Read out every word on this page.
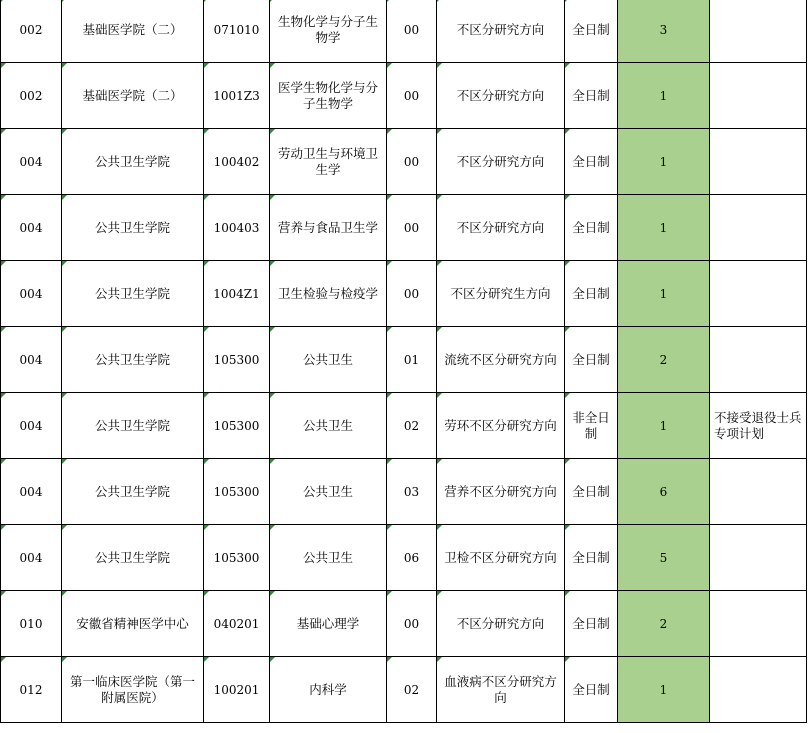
002	基础医学院（二）	071010	生物化学与分子生物学	00	不区分研究方向	全日制	3	
002	基础医学院（二）	1001Z3	医学生物化学与分子生物学	00	不区分研究方向	全日制	1	
004	公共卫生学院	100402	劳动卫生与环境卫生学	00	不区分研究方向	全日制	1	
004	公共卫生学院	100403	营养与食品卫生学	00	不区分研究方向	全日制	1	
004	公共卫生学院	1004Z1	卫生检验与检疫学	00	不区分研究生方向	全日制	1	
004	公共卫生学院	105300	公共卫生	01	流统不区分研究方向	全日制	2	
004	公共卫生学院	105300	公共卫生	02	劳环不区分研究方向	非全日制	1	不接受退役士兵专项计划
004	公共卫生学院	105300	公共卫生	03	营养不区分研究方向	全日制	6	
004	公共卫生学院	105300	公共卫生	06	卫检不区分研究方向	全日制	5	
010	安徽省精神医学中心	040201	基础心理学	00	不区分研究方向	全日制	2	
012	第一临床医学院（第一附属医院）	100201	内科学	02	血液病不区分研究方向	全日制	1	
